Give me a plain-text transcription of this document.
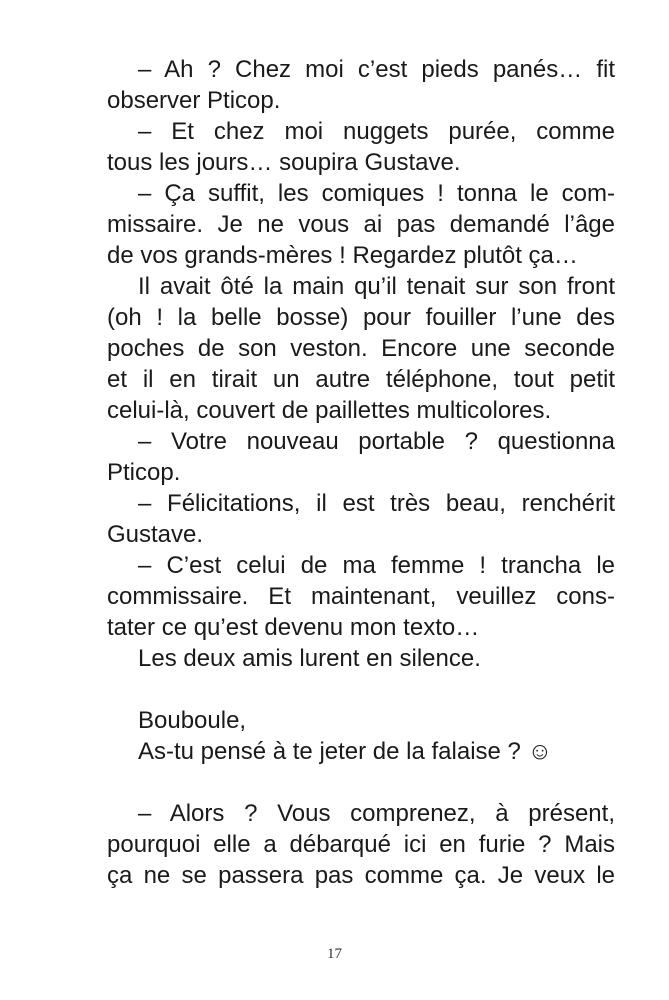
– Ah ? Chez moi c’est pieds panés… fit
observer Pticop.
– Et chez moi nuggets purée, comme
tous les jours… soupira Gustave.
– Ça suffit, les comiques ! tonna le com-
missaire. Je ne vous ai pas demandé l’âge
de vos grands-mères ! Regardez plutôt ça…
Il avait ôté la main qu’il tenait sur son front
(oh ! la belle bosse) pour fouiller l’une des
poches de son veston. Encore une seconde
et il en tirait un autre téléphone, tout petit
celui-là, couvert de paillettes multicolores.
– Votre nouveau portable ? questionna
Pticop.
– Félicitations, il est très beau, renchérit
Gustave.
– C’est celui de ma femme ! trancha le
commissaire. Et maintenant, veuillez cons-
tater ce qu’est devenu mon texto…
Les deux amis lurent en silence.
Bouboule,
As-tu pensé à te jeter de la falaise ? ☺
– Alors ? Vous comprenez, à présent,
pourquoi elle a débarqué ici en furie ? Mais
ça ne se passera pas comme ça. Je veux le
17
